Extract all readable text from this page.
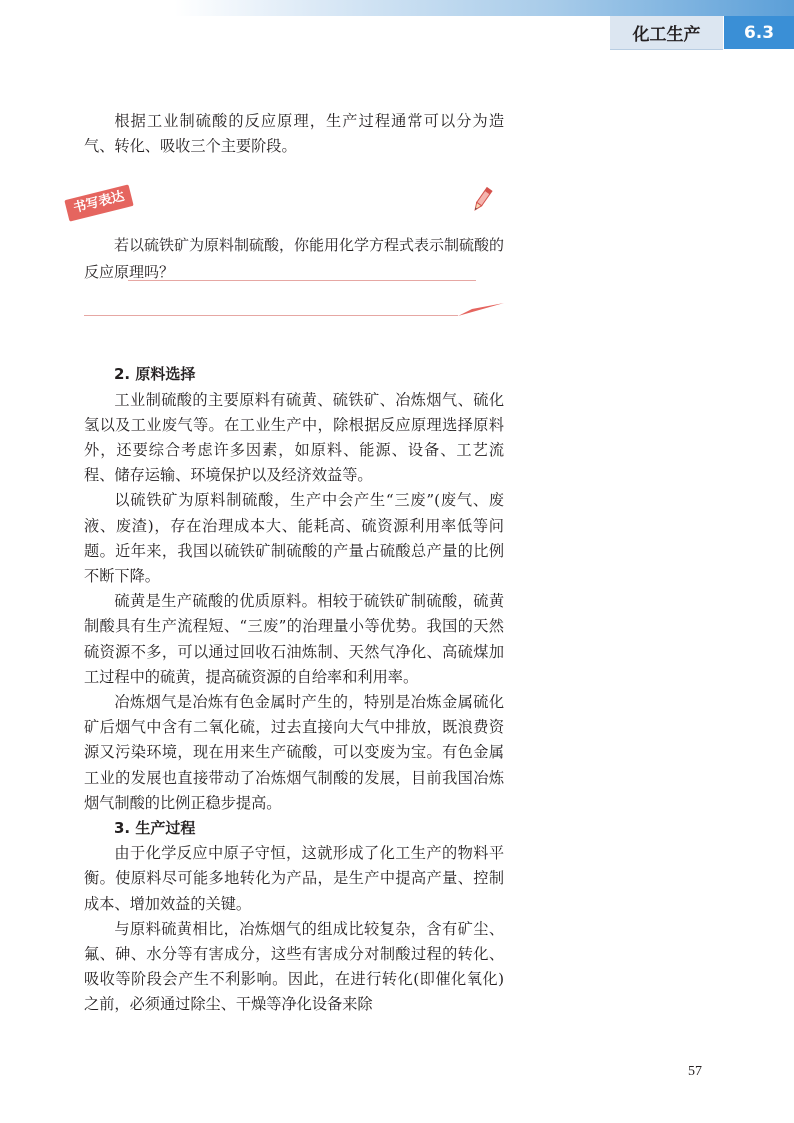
化工生产	6.3

根据工业制硫酸的反应原理，生产过程通常可以分为造气、转化、吸收三个主要阶段。

书写表达
若以硫铁矿为原料制硫酸，你能用化学方程式表示制硫酸的反应原理吗？
2. 原料选择

工业制硫酸的主要原料有硫黄、硫铁矿、冶炼烟气、硫化氢以及工业废气等。在工业生产中，除根据反应原理选择原料外，还要综合考虑许多因素，如原料、能源、设备、工艺流程、储存运输、环境保护以及经济效益等。

以硫铁矿为原料制硫酸，生产中会产生“三废”(废气、废液、废渣)，存在治理成本大、能耗高、硫资源利用率低等问题。近年来，我国以硫铁矿制硫酸的产量占硫酸总产量的比例不断下降。

硫黄是生产硫酸的优质原料。相较于硫铁矿制硫酸，硫黄制酸具有生产流程短、“三废”的治理量小等优势。我国的天然硫资源不多，可以通过回收石油炼制、天然气净化、高硫煤加工过程中的硫黄，提高硫资源的自给率和利用率。

冶炼烟气是冶炼有色金属时产生的，特别是冶炼金属硫化矿后烟气中含有二氧化硫，过去直接向大气中排放，既浪费资源又污染环境，现在用来生产硫酸，可以变废为宝。有色金属工业的发展也直接带动了冶炼烟气制酸的发展，目前我国冶炼烟气制酸的比例正稳步提高。

3. 生产过程

由于化学反应中原子守恒，这就形成了化工生产的物料平衡。使原料尽可能多地转化为产品，是生产中提高产量、控制成本、增加效益的关键。

与原料硫黄相比，冶炼烟气的组成比较复杂，含有矿尘、氟、砷、水分等有害成分，这些有害成分对制酸过程的转化、吸收等阶段会产生不利影响。因此，在进行转化(即催化氧化)之前，必须通过除尘、干燥等净化设备来除

57
